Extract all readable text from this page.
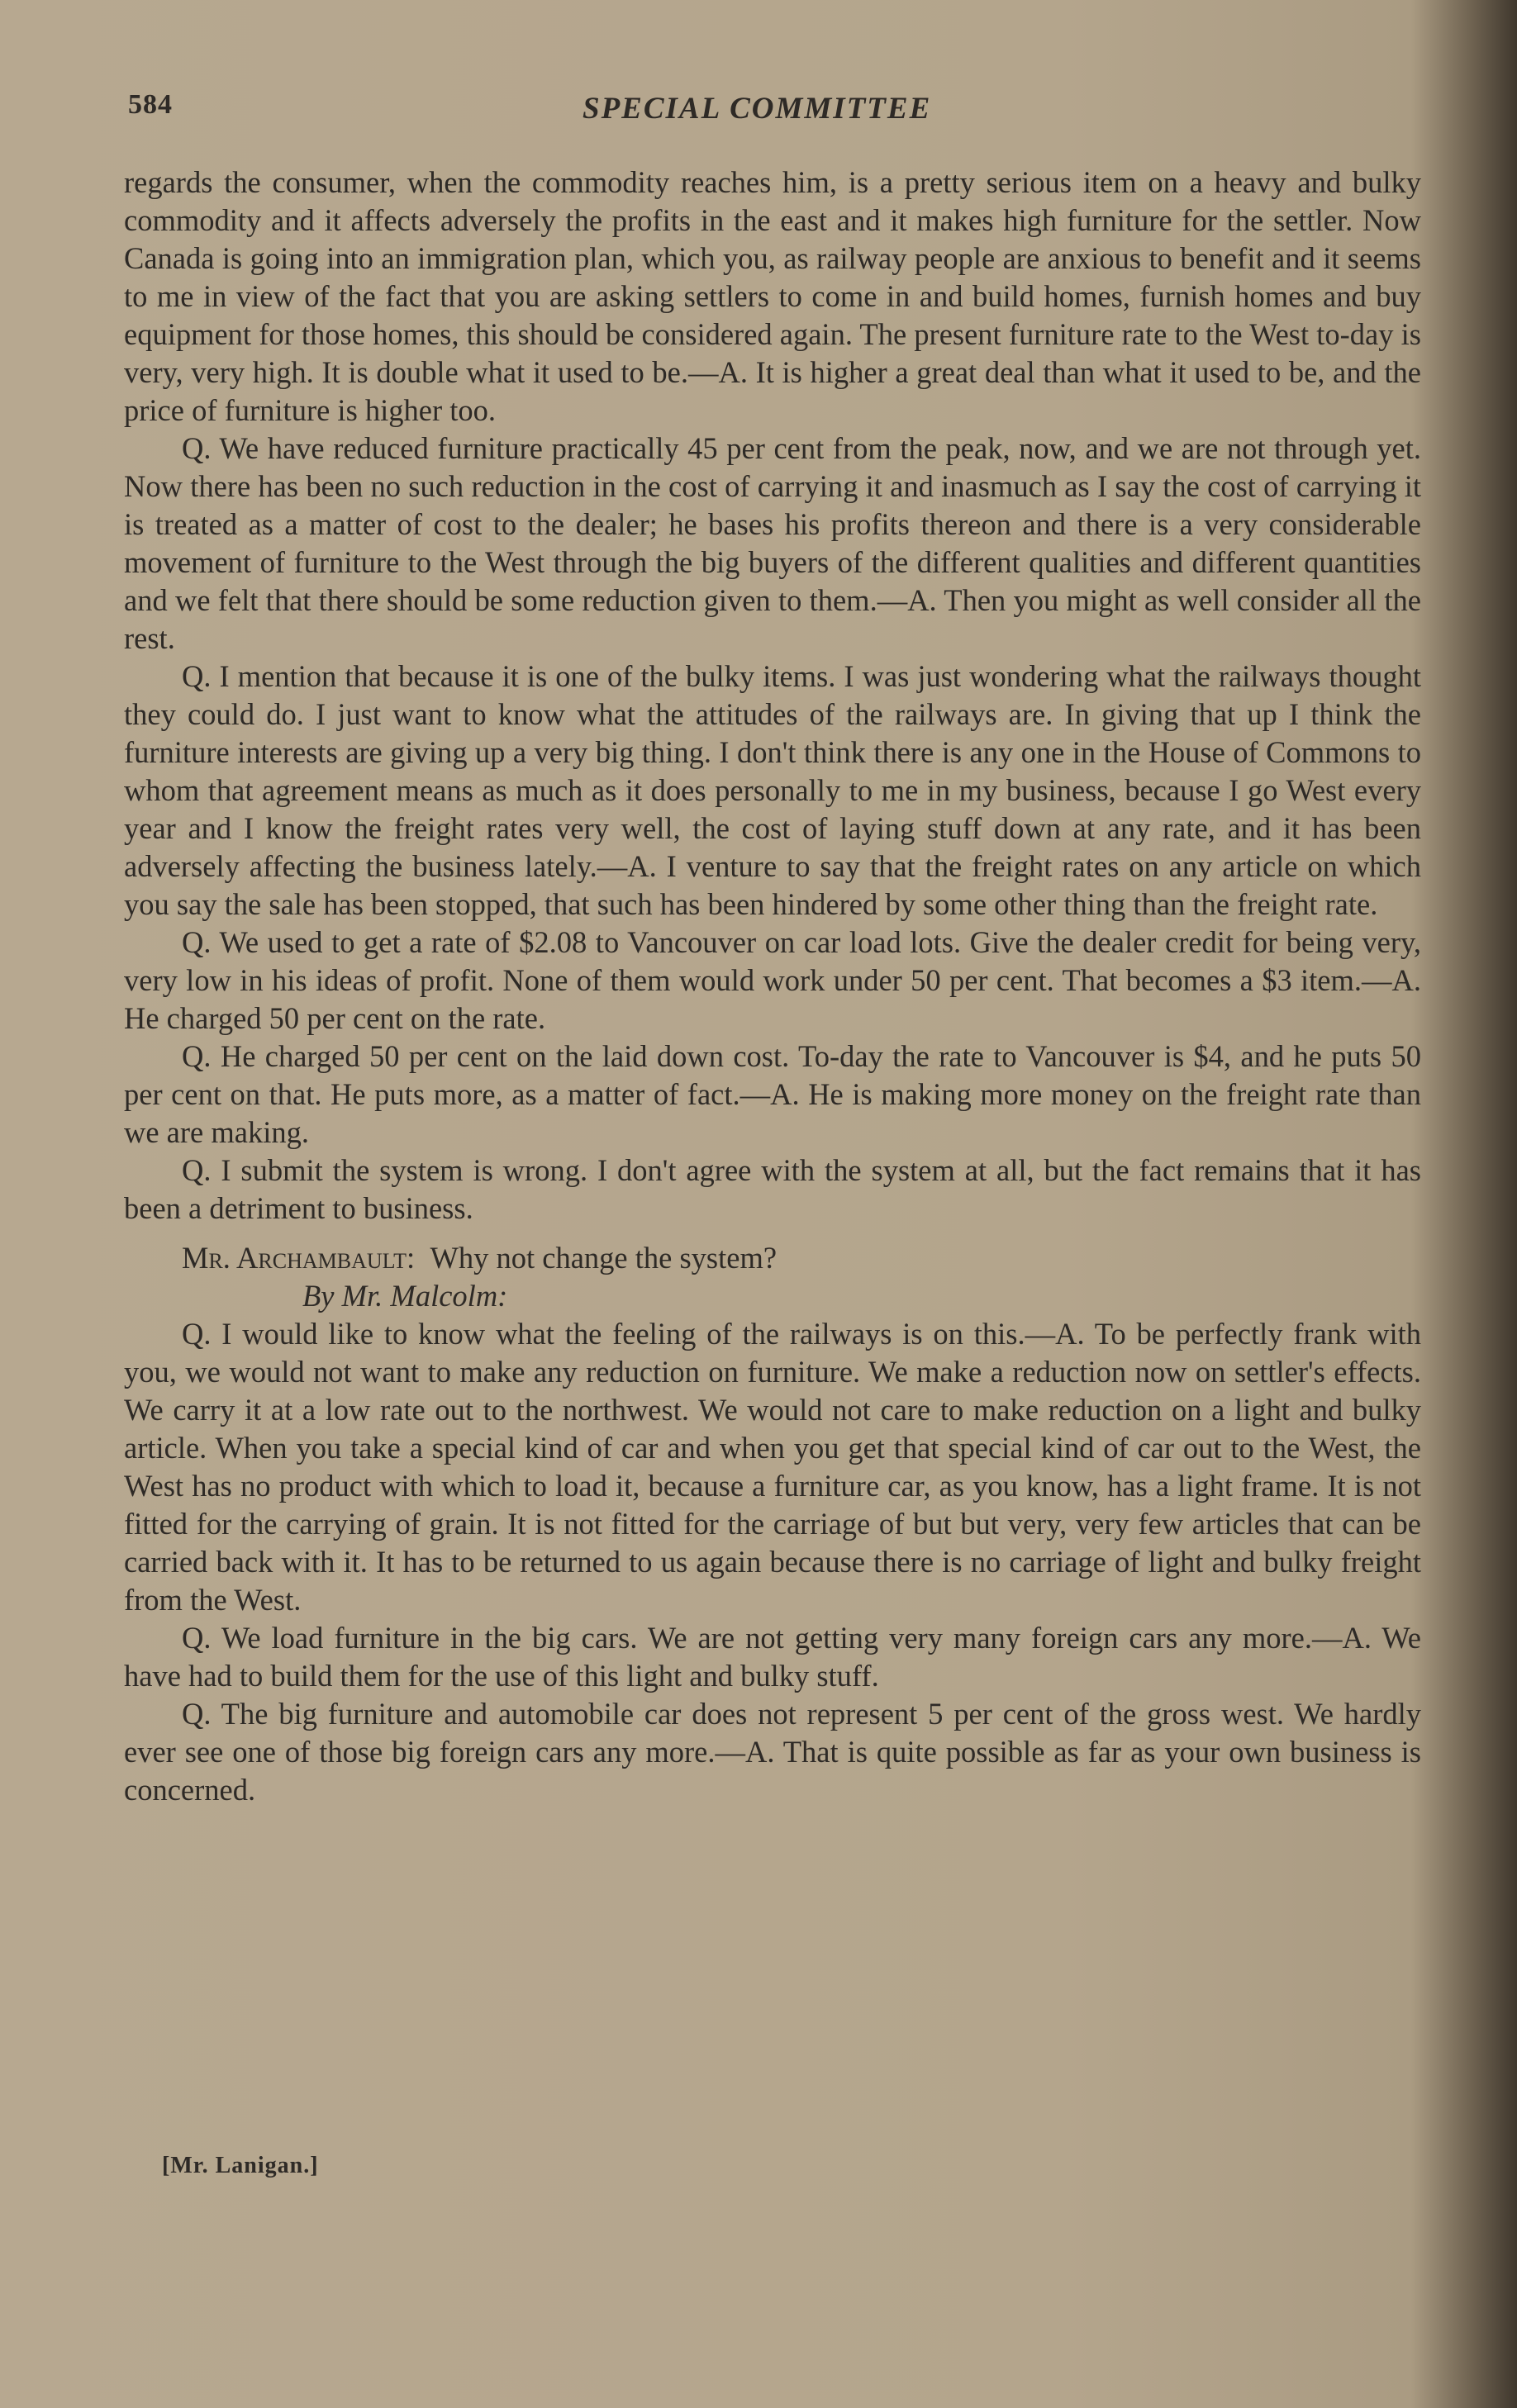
584	SPECIAL COMMITTEE

regards the consumer, when the commodity reaches him, is a pretty serious item on a heavy and bulky commodity and it affects adversely the profits in the east and it makes high furniture for the settler. Now Canada is going into an immigration plan, which you, as railway people are anxious to benefit and it seems to me in view of the fact that you are asking settlers to come in and build homes, furnish homes and buy equipment for those homes, this should be considered again. The present furniture rate to the West to-day is very, very high. It is double what it used to be.—A. It is higher a great deal than what it used to be, and the price of furniture is higher too.

Q. We have reduced furniture practically 45 per cent from the peak, now, and we are not through yet. Now there has been no such reduction in the cost of carrying it and inasmuch as I say the cost of carrying it is treated as a matter of cost to the dealer; he bases his profits thereon and there is a very considerable movement of furniture to the West through the big buyers of the different qualities and different quantities and we felt that there should be some reduction given to them.—A. Then you might as well consider all the rest.

Q. I mention that because it is one of the bulky items. I was just wondering what the railways thought they could do. I just want to know what the attitudes of the railways are. In giving that up I think the furniture interests are giving up a very big thing. I don't think there is any one in the House of Commons to whom that agreement means as much as it does personally to me in my business, because I go West every year and I know the freight rates very well, the cost of laying stuff down at any rate, and it has been adversely affecting the business lately.—A. I venture to say that the freight rates on any article on which you say the sale has been stopped, that such has been hindered by some other thing than the freight rate.

Q. We used to get a rate of $2.08 to Vancouver on car load lots. Give the dealer credit for being very, very low in his ideas of profit. None of them would work under 50 per cent. That becomes a $3 item.—A. He charged 50 per cent on the rate.

Q. He charged 50 per cent on the laid down cost. To-day the rate to Vancouver is $4, and he puts 50 per cent on that. He puts more, as a matter of fact.—A. He is making more money on the freight rate than we are making.

Q. I submit the system is wrong. I don't agree with the system at all, but the fact remains that it has been a detriment to business.

Mr. Archambault: Why not change the system?

By Mr. Malcolm:

Q. I would like to know what the feeling of the railways is on this.—A. To be perfectly frank with you, we would not want to make any reduction on furniture. We make a reduction now on settler's effects. We carry it at a low rate out to the northwest. We would not care to make reduction on a light and bulky article. When you take a special kind of car and when you get that special kind of car out to the West, the West has no product with which to load it, because a furniture car, as you know, has a light frame. It is not fitted for the carrying of grain. It is not fitted for the carriage of but but very, very few articles that can be carried back with it. It has to be returned to us again because there is no carriage of light and bulky freight from the West.

Q. We load furniture in the big cars. We are not getting very many foreign cars any more.—A. We have had to build them for the use of this light and bulky stuff.

Q. The big furniture and automobile car does not represent 5 per cent of the gross west. We hardly ever see one of those big foreign cars any more.—A. That is quite possible as far as your own business is concerned.

[Mr. Lanigan.]
